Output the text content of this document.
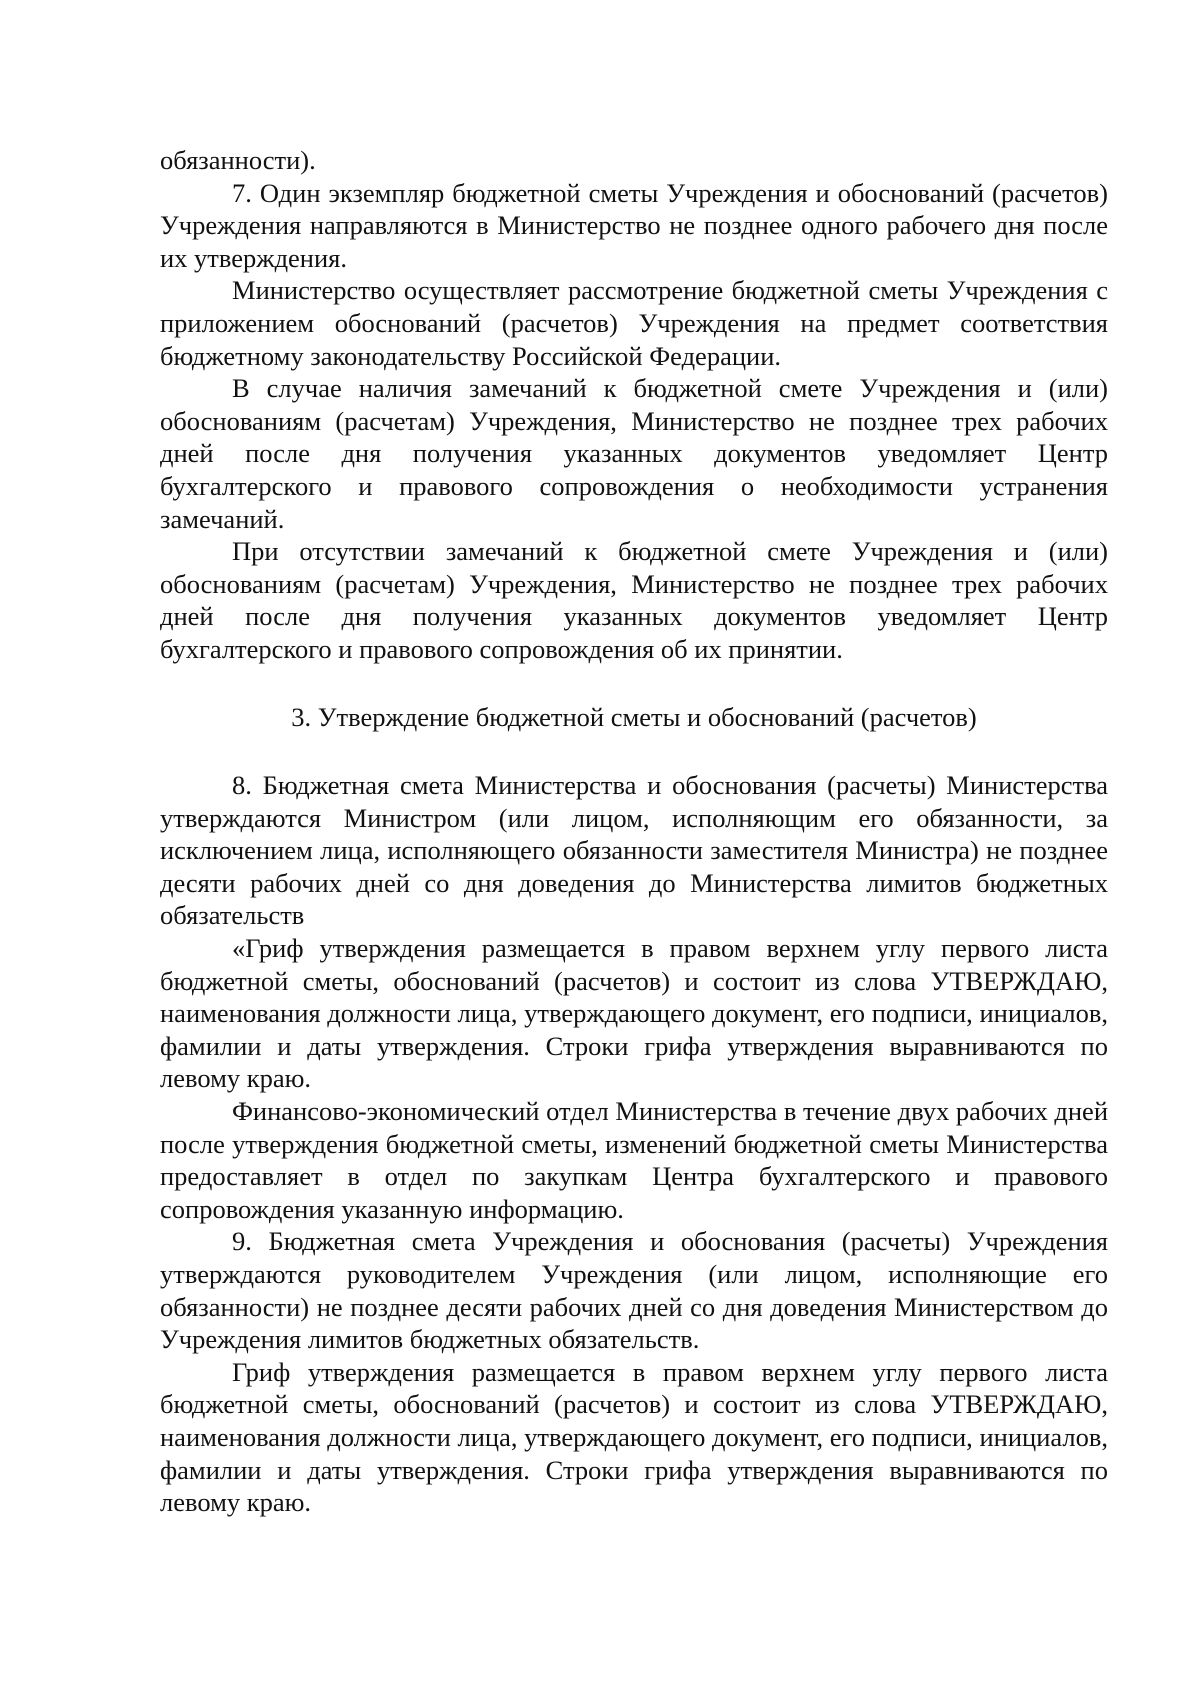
обязанности).

7. Один экземпляр бюджетной сметы Учреждения и обоснований (расчетов) Учреждения направляются в Министерство не позднее одного рабочего дня после их утверждения.

Министерство осуществляет рассмотрение бюджетной сметы Учреждения с приложением обоснований (расчетов) Учреждения на предмет соответствия бюджетному законодательству Российской Федерации.

В случае наличия замечаний к бюджетной смете Учреждения и (или) обоснованиям (расчетам) Учреждения, Министерство не позднее трех рабочих дней после дня получения указанных документов уведомляет Центр бухгалтерского и правового сопровождения о необходимости устранения замечаний.

При отсутствии замечаний к бюджетной смете Учреждения и (или) обоснованиям (расчетам) Учреждения, Министерство не позднее трех рабочих дней после дня получения указанных документов уведомляет Центр бухгалтерского и правового сопровождения об их принятии.

3. Утверждение бюджетной сметы и обоснований (расчетов)

8. Бюджетная смета Министерства и обоснования (расчеты) Министерства утверждаются Министром (или лицом, исполняющим его обязанности, за исключением лица, исполняющего обязанности заместителя Министра) не позднее десяти рабочих дней со дня доведения до Министерства лимитов бюджетных обязательств

«Гриф утверждения размещается в правом верхнем углу первого листа бюджетной сметы, обоснований (расчетов) и состоит из слова УТВЕРЖДАЮ, наименования должности лица, утверждающего документ, его подписи, инициалов, фамилии и даты утверждения. Строки грифа утверждения выравниваются по левому краю.

Финансово-экономический отдел Министерства в течение двух рабочих дней после утверждения бюджетной сметы, изменений бюджетной сметы Министерства предоставляет в отдел по закупкам Центра бухгалтерского и правового сопровождения указанную информацию.

9. Бюджетная смета Учреждения и обоснования (расчеты) Учреждения утверждаются руководителем Учреждения (или лицом, исполняющие его обязанности) не позднее десяти рабочих дней со дня доведения Министерством до Учреждения лимитов бюджетных обязательств.

Гриф утверждения размещается в правом верхнем углу первого листа бюджетной сметы, обоснований (расчетов) и состоит из слова УТВЕРЖДАЮ, наименования должности лица, утверждающего документ, его подписи, инициалов, фамилии и даты утверждения. Строки грифа утверждения выравниваются по левому краю.
